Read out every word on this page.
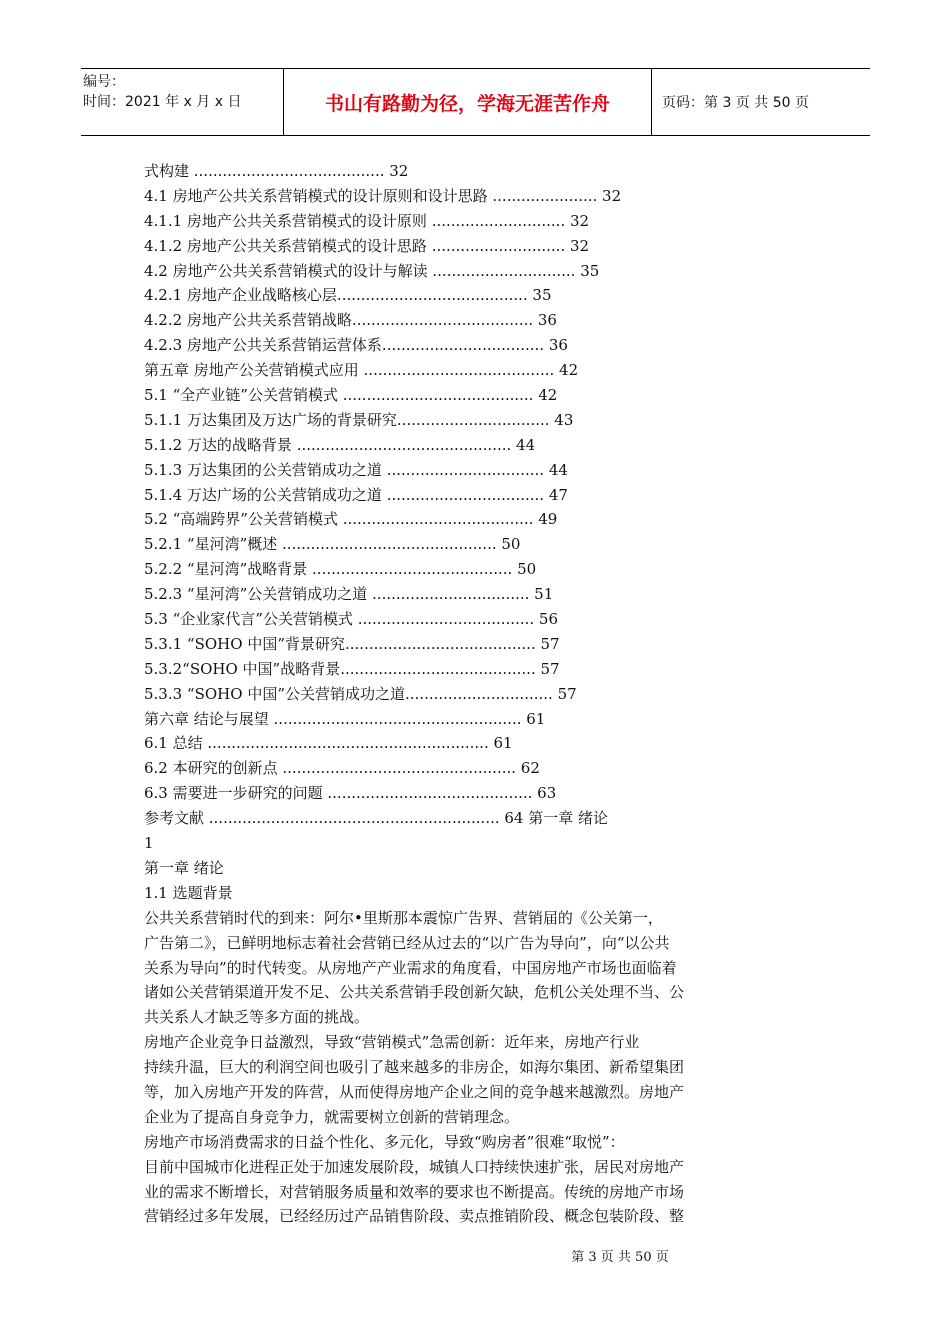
编号：
时间：2021 年 x 月 x 日	书山有路勤为径，学海无涯苦作舟	页码：第 3 页 共 50 页
式构建 ........................................ 32
4.1 房地产公共关系营销模式的设计原则和设计思路 ...................... 32
4.1.1 房地产公共关系营销模式的设计原则 ............................ 32
4.1.2 房地产公共关系营销模式的设计思路 ............................ 32
4.2 房地产公共关系营销模式的设计与解读 .............................. 35
4.2.1 房地产企业战略核心层........................................ 35
4.2.2 房地产公共关系营销战略...................................... 36
4.2.3 房地产公共关系营销运营体系.................................. 36
第五章 房地产公关营销模式应用 ........................................ 42
5.1 “全产业链”公关营销模式 ........................................ 42
5.1.1 万达集团及万达广场的背景研究................................ 43
5.1.2 万达的战略背景 ............................................. 44
5.1.3 万达集团的公关营销成功之道 ................................. 44
5.1.4 万达广场的公关营销成功之道 ................................. 47
5.2 “高端跨界”公关营销模式 ........................................ 49
5.2.1 “星河湾”概述 ............................................. 50
5.2.2 “星河湾”战略背景 .......................................... 50
5.2.3 “星河湾”公关营销成功之道 ................................. 51
5.3 “企业家代言”公关营销模式 ..................................... 56
5.3.1 “SOHO 中国”背景研究........................................ 57
5.3.2“SOHO 中国”战略背景......................................... 57
5.3.3 “SOHO 中国”公关营销成功之道............................... 57
第六章 结论与展望 .................................................... 61
6.1 总结 ........................................................... 61
6.2 本研究的创新点 ................................................. 62
6.3 需要进一步研究的问题 ........................................... 63
参考文献 ............................................................. 64 第一章 绪论
1
第一章 绪论
1.1 选题背景
公共关系营销时代的到来：阿尔•里斯那本震惊广告界、营销届的《公关第一，
广告第二》，已鲜明地标志着社会营销已经从过去的“以广告为导向”，向“以公共
关系为导向”的时代转变。从房地产产业需求的角度看，中国房地产市场也面临着
诸如公关营销渠道开发不足、公共关系营销手段创新欠缺，危机公关处理不当、公
共关系人才缺乏等多方面的挑战。
房地产企业竞争日益激烈，导致“营销模式”急需创新：近年来，房地产行业
持续升温，巨大的利润空间也吸引了越来越多的非房企，如海尔集团、新希望集团
等，加入房地产开发的阵营，从而使得房地产企业之间的竞争越来越激烈。房地产
企业为了提高自身竞争力，就需要树立创新的营销理念。
房地产市场消费需求的日益个性化、多元化，导致“购房者”很难“取悦”：
目前中国城市化进程正处于加速发展阶段，城镇人口持续快速扩张，居民对房地产
业的需求不断增长，对营销服务质量和效率的要求也不断提高。传统的房地产市场
营销经过多年发展，已经经历过产品销售阶段、卖点推销阶段、概念包装阶段、整
第 3 页 共 50 页
